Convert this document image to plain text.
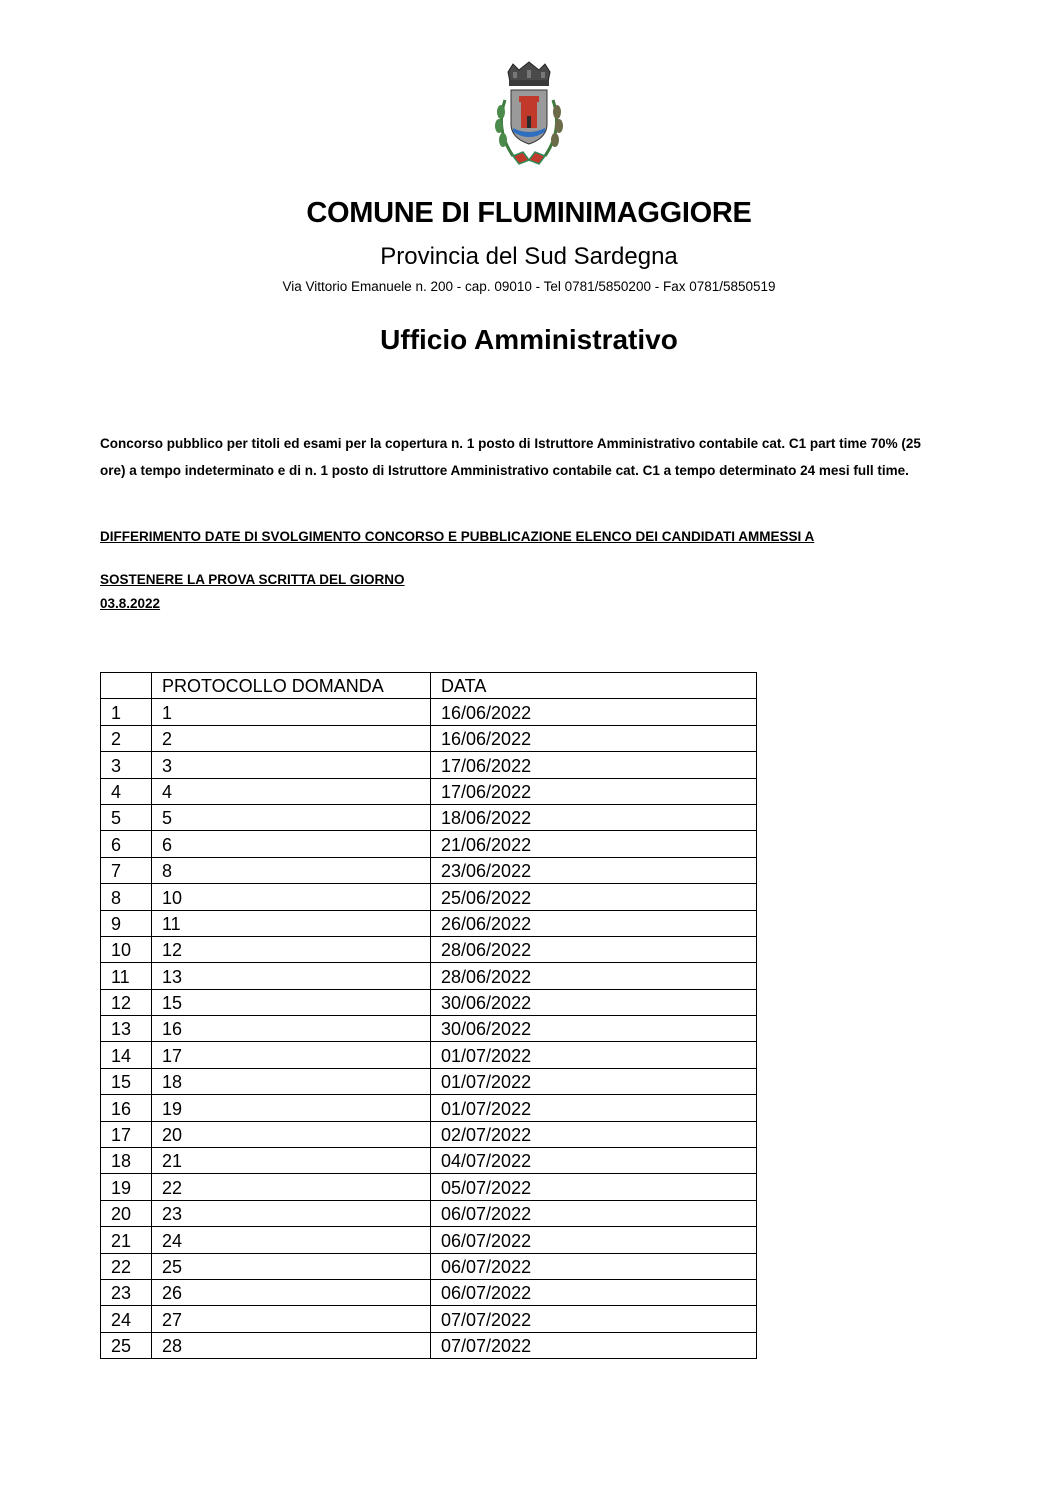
COMUNE DI FLUMINIMAGGIORE
Provincia del Sud Sardegna
Via Vittorio Emanuele n. 200 - cap. 09010 - Tel 0781/5850200 - Fax 0781/5850519
Ufficio Amministrativo

Concorso pubblico per titoli ed esami per la copertura n. 1 posto di Istruttore Amministrativo contabile cat. C1 part time 70% (25 ore) a tempo indeterminato e di n. 1 posto di Istruttore Amministrativo contabile cat. C1 a tempo determinato 24 mesi full time.

DIFFERIMENTO DATE DI SVOLGIMENTO CONCORSO E PUBBLICAZIONE ELENCO DEI CANDIDATI AMMESSI A

SOSTENERE LA PROVA SCRITTA DEL GIORNO

03.8.2022

	PROTOCOLLO DOMANDA	DATA
1	1	16/06/2022
2	2	16/06/2022
3	3	17/06/2022
4	4	17/06/2022
5	5	18/06/2022
6	6	21/06/2022
7	8	23/06/2022
8	10	25/06/2022
9	11	26/06/2022
10	12	28/06/2022
11	13	28/06/2022
12	15	30/06/2022
13	16	30/06/2022
14	17	01/07/2022
15	18	01/07/2022
16	19	01/07/2022
17	20	02/07/2022
18	21	04/07/2022
19	22	05/07/2022
20	23	06/07/2022
21	24	06/07/2022
22	25	06/07/2022
23	26	06/07/2022
24	27	07/07/2022
25	28	07/07/2022
